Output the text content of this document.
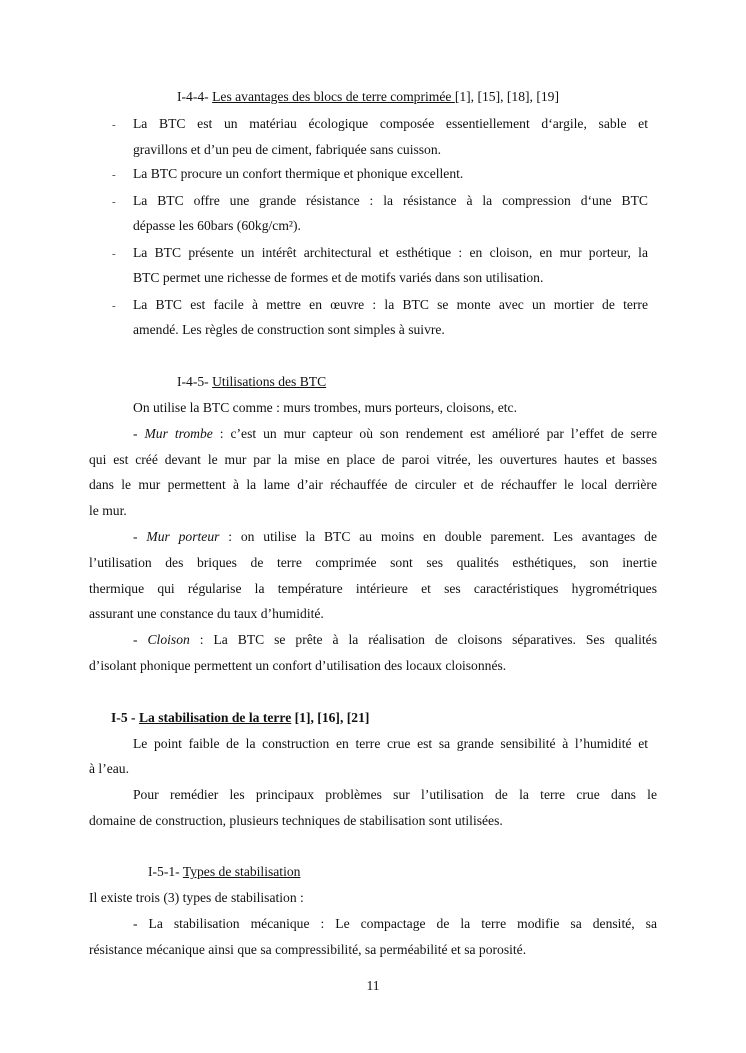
I-4-4- Les avantages des blocs de terre comprimée [1], [15], [18], [19]
- La BTC est un matériau écologique composée essentiellement d‘argile, sable et
gravillons et d’un peu de ciment, fabriquée sans cuisson.
- La BTC procure un confort thermique et phonique excellent.
- La BTC offre une grande résistance : la résistance à la compression d‘une BTC
dépasse les 60bars (60kg/cm²).
- La BTC présente un intérêt architectural et esthétique : en cloison, en mur porteur, la
BTC permet une richesse de formes et de motifs variés dans son utilisation.
- La BTC est facile à mettre en œuvre : la BTC se monte avec un mortier de terre
amendé. Les règles de construction sont simples à suivre.
I-4-5- Utilisations des BTC
On utilise la BTC comme : murs trombes, murs porteurs, cloisons, etc.
- Mur trombe : c’est un mur capteur où son rendement est amélioré par l’effet de serre
qui est créé devant le mur par la mise en place de paroi vitrée, les ouvertures hautes et basses
dans le mur permettent à la lame d’air réchauffée de circuler et de réchauffer le local derrière
le mur.
- Mur porteur : on utilise la BTC au moins en double parement. Les avantages de
l’utilisation des briques de terre comprimée sont ses qualités esthétiques, son inertie
thermique qui régularise la température intérieure et ses caractéristiques hygrométriques
assurant une constance du taux d’humidité.
- Cloison : La BTC se prête à la réalisation de cloisons séparatives. Ses qualités
d’isolant phonique permettent un confort d’utilisation des locaux cloisonnés.
I-5 - La stabilisation de la terre [1], [16], [21]
Le point faible de la construction en terre crue est sa grande sensibilité à l’humidité et
à l’eau.
Pour remédier les principaux problèmes sur l’utilisation de la terre crue dans le
domaine de construction, plusieurs techniques de stabilisation sont utilisées.
I-5-1- Types de stabilisation
Il existe trois (3) types de stabilisation :
- La stabilisation mécanique : Le compactage de la terre modifie sa densité, sa
résistance mécanique ainsi que sa compressibilité, sa perméabilité et sa porosité.
11
